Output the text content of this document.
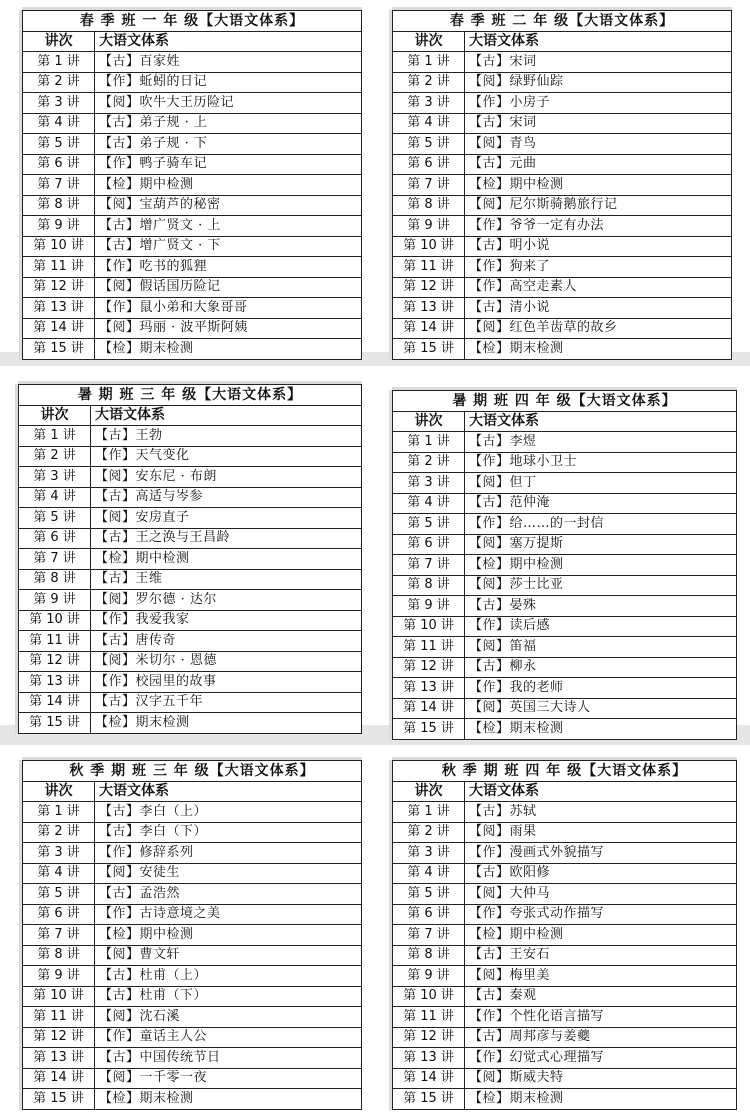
春 季 班 一 年 级【大语文体系】	
讲次	大语文体系
第 1 讲	【古】百家姓
第 2 讲	【作】蚯蚓的日记
第 3 讲	【阅】吹牛大王历险记
第 4 讲	【古】弟子规 · 上
第 5 讲	【古】弟子规 · 下
第 6 讲	【作】鸭子骑车记
第 7 讲	【检】期中检测
第 8 讲	【阅】宝葫芦的秘密
第 9 讲	【古】增广贤文 · 上
第 10 讲	【古】增广贤文 · 下
第 11 讲	【作】吃书的狐狸
第 12 讲	【阅】假话国历险记
第 13 讲	【作】鼠小弟和大象哥哥
第 14 讲	【阅】玛丽 · 波平斯阿姨
第 15 讲	【检】期末检测
春 季 班 二 年 级【大语文体系】	
讲次	大语文体系
第 1 讲	【古】宋词
第 2 讲	【阅】绿野仙踪
第 3 讲	【作】小房子
第 4 讲	【古】宋词
第 5 讲	【阅】青鸟
第 6 讲	【古】元曲
第 7 讲	【检】期中检测
第 8 讲	【阅】尼尔斯骑鹅旅行记
第 9 讲	【作】爷爷一定有办法
第 10 讲	【古】明小说
第 11 讲	【作】狗来了
第 12 讲	【作】高空走素人
第 13 讲	【古】清小说
第 14 讲	【阅】红色羊齿草的故乡
第 15 讲	【检】期末检测
暑 期 班 三 年 级【大语文体系】	
讲次	大语文体系
第 1 讲	【古】王勃
第 2 讲	【作】天气变化
第 3 讲	【阅】安东尼 · 布朗
第 4 讲	【古】高适与岑参
第 5 讲	【阅】安房直子
第 6 讲	【古】王之涣与王昌龄
第 7 讲	【检】期中检测
第 8 讲	【古】王维
第 9 讲	【阅】罗尔德 · 达尔
第 10 讲	【作】我爱我家
第 11 讲	【古】唐传奇
第 12 讲	【阅】米切尔 · 恩德
第 13 讲	【作】校园里的故事
第 14 讲	【古】汉字五千年
第 15 讲	【检】期末检测
暑 期 班 四 年 级【大语文体系】	
讲次	大语文体系
第 1 讲	【古】李煜
第 2 讲	【作】地球小卫士
第 3 讲	【阅】但丁
第 4 讲	【古】范仲淹
第 5 讲	【作】给……的一封信
第 6 讲	【阅】塞万提斯
第 7 讲	【检】期中检测
第 8 讲	【阅】莎士比亚
第 9 讲	【古】晏殊
第 10 讲	【作】读后感
第 11 讲	【阅】笛福
第 12 讲	【古】柳永
第 13 讲	【作】我的老师
第 14 讲	【阅】英国三大诗人
第 15 讲	【检】期末检测
秋 季 期 班 三 年 级【大语文体系】	
讲次	大语文体系
第 1 讲	【古】李白（上）
第 2 讲	【古】李白（下）
第 3 讲	【作】修辞系列
第 4 讲	【阅】安徒生
第 5 讲	【古】孟浩然
第 6 讲	【作】古诗意境之美
第 7 讲	【检】期中检测
第 8 讲	【阅】曹文轩
第 9 讲	【古】杜甫（上）
第 10 讲	【古】杜甫（下）
第 11 讲	【阅】沈石溪
第 12 讲	【作】童话主人公
第 13 讲	【古】中国传统节日
第 14 讲	【阅】一千零一夜
第 15 讲	【检】期末检测
秋 季 期 班 四 年 级【大语文体系】	
讲次	大语文体系
第 1 讲	【古】苏轼
第 2 讲	【阅】雨果
第 3 讲	【作】漫画式外貌描写
第 4 讲	【古】欧阳修
第 5 讲	【阅】大仲马
第 6 讲	【作】夸张式动作描写
第 7 讲	【检】期中检测
第 8 讲	【古】王安石
第 9 讲	【阅】梅里美
第 10 讲	【古】秦观
第 11 讲	【作】个性化语言描写
第 12 讲	【古】周邦彦与姜夔
第 13 讲	【作】幻觉式心理描写
第 14 讲	【阅】斯威夫特
第 15 讲	【检】期末检测
